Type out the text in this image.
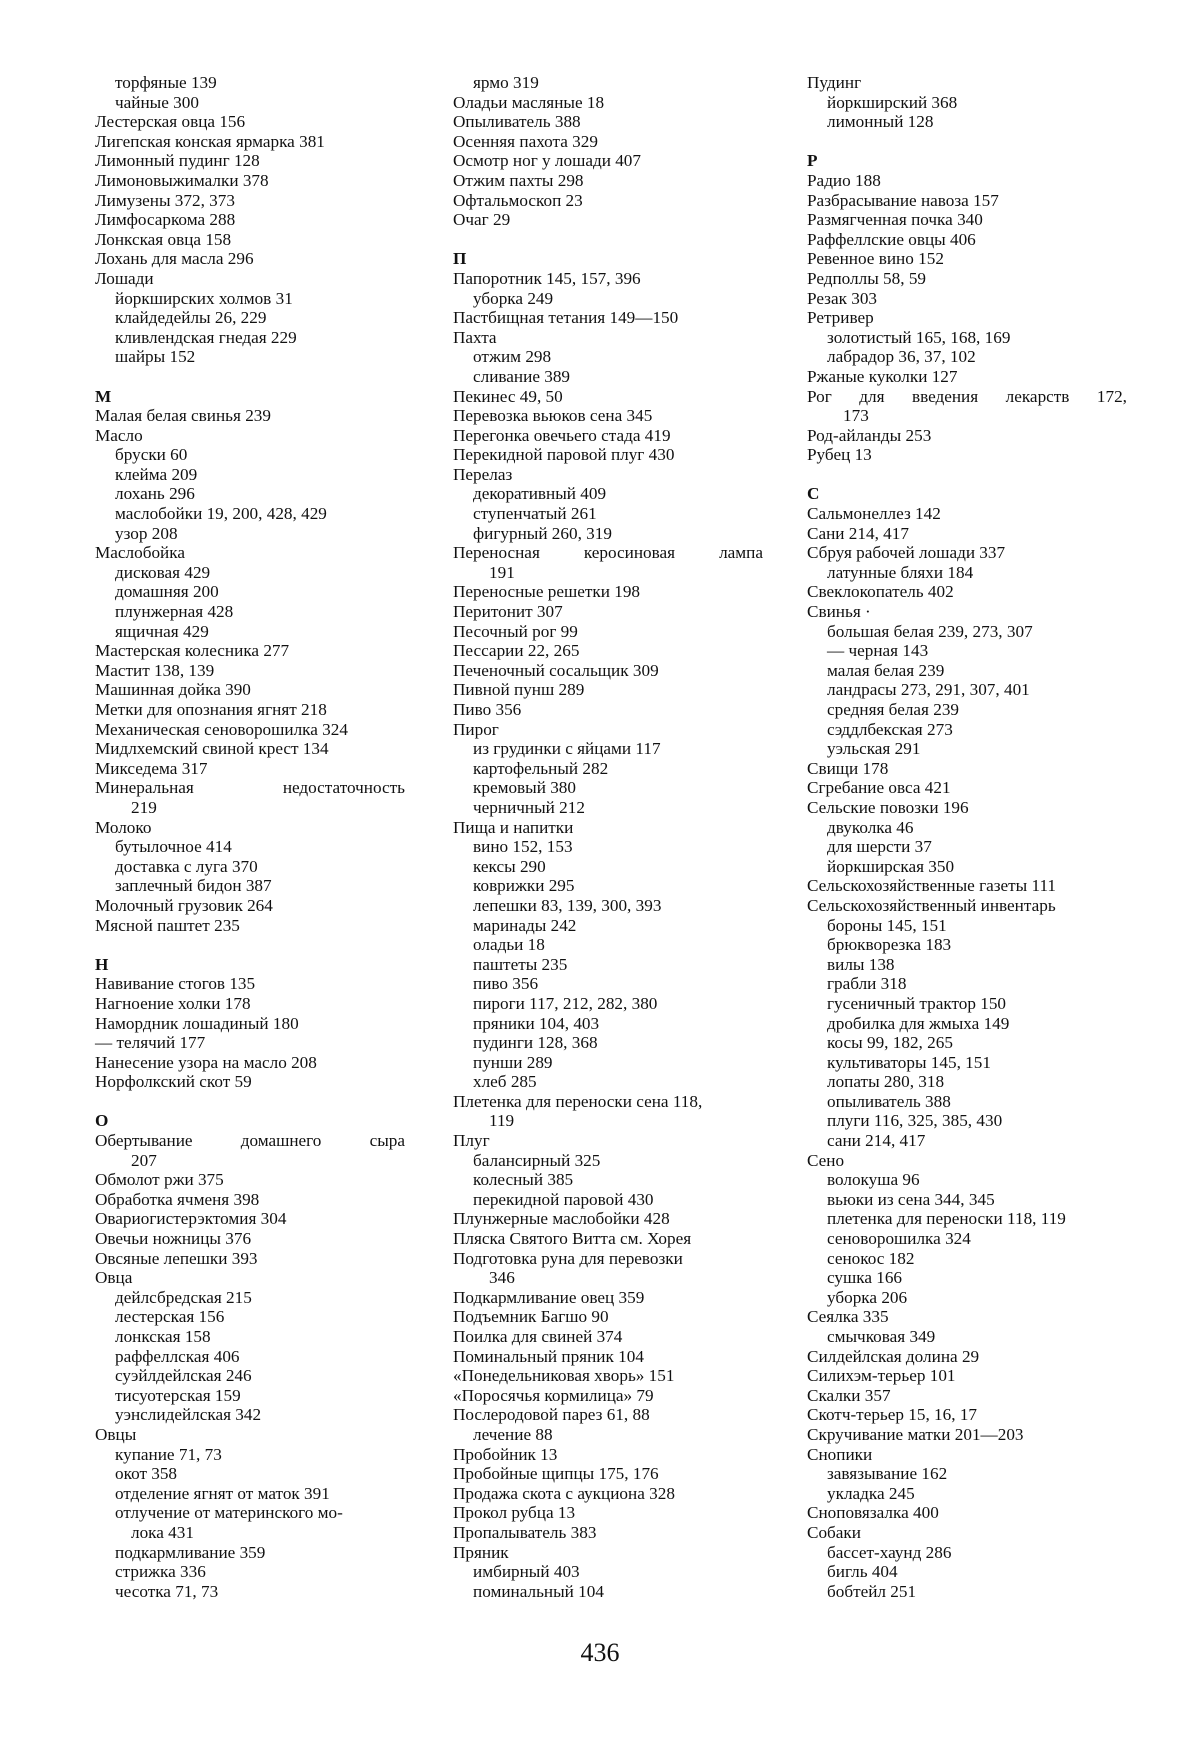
торфяные 139
чайные 300
Лестерская овца 156
Лигепская конская ярмарка 381
Лимонный пудинг 128
Лимоновыжималки 378
Лимузены 372, 373
Лимфосаркома 288
Лонкская овца 158
Лохань для масла 296
Лошади
йоркширских холмов 31
клайдедейлы 26, 229
кливлендская гнедая 229
шайры 152
М
Малая белая свинья 239
Масло
бруски 60
клейма 209
лохань 296
маслобойки 19, 200, 428, 429
узор 208
Маслобойка
дисковая 429
домашняя 200
плунжерная 428
ящичная 429
Мастерская колесника 277
Мастит 138, 139
Машинная дойка 390
Метки для опознания ягнят 218
Механическая сеноворошилка 324
Мидлхемский свиной крест 134
Микседема 317
Минеральная	недостаточность
219
Молоко
бутылочное 414
доставка с луга 370
заплечный бидон 387
Молочный грузовик 264
Мясной паштет 235
Н
Навивание стогов 135
Нагноение холки 178
Намордник лошадиный 180
— телячий 177
Нанесение узора на масло 208
Норфолкский скот 59
О
Обертывание	домашнего	сыра
207
Обмолот ржи 375
Обработка ячменя 398
Овариогистерэктомия 304
Овечьи ножницы 376
Овсяные лепешки 393
Овца
дейлсбредская 215
лестерская 156
лонкская 158
раффеллская 406
суэйлдейлская 246
тисуотерская 159
уэнслидейлская 342
Овцы
купание 71, 73
окот 358
отделение ягнят от маток 391
отлучение от материнского мо-
лока 431
подкармливание 359
стрижка 336
чесотка 71, 73
ярмо 319
Оладьи масляные 18
Опыливатель 388
Осенняя пахота 329
Осмотр ног у лошади 407
Отжим пахты 298
Офтальмоскоп 23
Очаг 29
П
Папоротник 145, 157, 396
уборка 249
Пастбищная тетания 149—150
Пахта
отжим 298
сливание 389
Пекинес 49, 50
Перевозка вьюков сена 345
Перегонка овечьего стада 419
Перекидной паровой плуг 430
Перелаз
декоративный 409
ступенчатый 261
фигурный 260, 319
Переносная	керосиновая	лампа
191
Переносные решетки 198
Перитонит 307
Песочный рог 99
Пессарии 22, 265
Печеночный сосальщик 309
Пивной пунш 289
Пиво 356
Пирог
из грудинки с яйцами 117
картофельный 282
кремовый 380
черничный 212
Пища и напитки
вино 152, 153
кексы 290
коврижки 295
лепешки 83, 139, 300, 393
маринады 242
оладьи 18
паштеты 235
пиво 356
пироги 117, 212, 282, 380
пряники 104, 403
пудинги 128, 368
пунши 289
хлеб 285
Плетенка для переноски сена 118,
119
Плуг
балансирный 325
колесный 385
перекидной паровой 430
Плунжерные маслобойки 428
Пляска Святого Витта см. Хорея
Подготовка руна для перевозки
346
Подкармливание овец 359
Подъемник Багшо 90
Поилка для свиней 374
Поминальный пряник 104
«Понедельниковая хворь» 151
«Поросячья кормилица» 79
Послеродовой парез 61, 88
лечение 88
Пробойник 13
Пробойные щипцы 175, 176
Продажа скота с аукциона 328
Прокол рубца 13
Пропалыватель 383
Пряник
имбирный 403
поминальный 104
Пудинг
йоркширский 368
лимонный 128
Р
Радио 188
Разбрасывание навоза 157
Размягченная почка 340
Раффеллские овцы 406
Ревенное вино 152
Редполлы 58, 59
Резак 303
Ретривер
золотистый 165, 168, 169
лабрадор 36, 37, 102
Ржаные куколки 127
Рог для введения лекарств 172,
173
Род-айланды 253
Рубец 13
С
Сальмонеллез 142
Сани 214, 417
Сбруя рабочей лошади 337
латунные бляхи 184
Свеклокопатель 402
Свинья ·
большая белая 239, 273, 307
— черная 143
малая белая 239
ландрасы 273, 291, 307, 401
средняя белая 239
сэддлбекская 273
уэльская 291
Свищи 178
Сгребание овса 421
Сельские повозки 196
двуколка 46
для шерсти 37
йоркширская 350
Сельскохозяйственные газеты 111
Сельскохозяйственный инвентарь
бороны 145, 151
брюкворезка 183
вилы 138
грабли 318
гусеничный трактор 150
дробилка для жмыха 149
косы 99, 182, 265
культиваторы 145, 151
лопаты 280, 318
опыливатель 388
плуги 116, 325, 385, 430
сани 214, 417
Сено
волокуша 96
вьюки из сена 344, 345
плетенка для переноски 118, 119
сеноворошилка 324
сенокос 182
сушка 166
уборка 206
Сеялка 335
смычковая 349
Силдейлская долина 29
Силихэм-терьер 101
Скалки 357
Скотч-терьер 15, 16, 17
Скручивание матки 201—203
Снопики
завязывание 162
укладка 245
Сноповязалка 400
Собаки
бассет-хаунд 286
бигль 404
бобтейл 251
436
